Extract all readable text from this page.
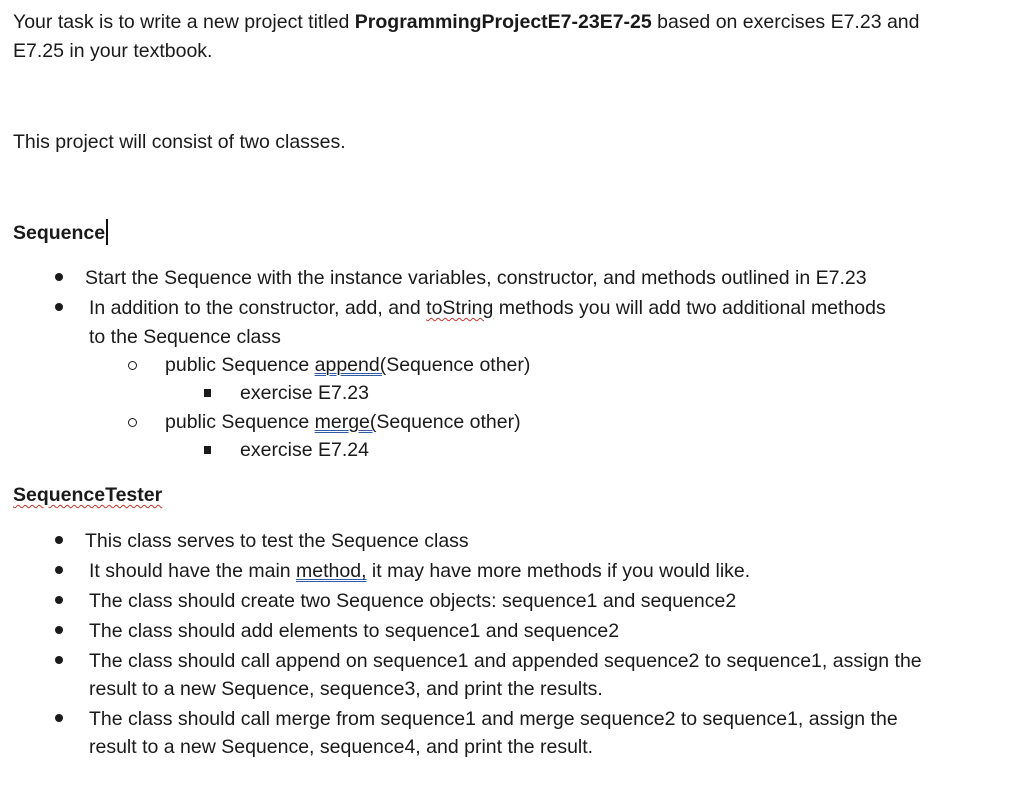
Your task is to write a new project titled ProgrammingProjectE7-23E7-25 based on exercises E7.23 and
E7.25 in your textbook.
This project will consist of two classes.
Sequence
Start the Sequence with the instance variables, constructor, and methods outlined in E7.23
In addition to the constructor, add, and toString methods you will add two additional methods
to the Sequence class
public Sequence append(Sequence other)
exercise E7.23
public Sequence merge(Sequence other)
exercise E7.24
SequenceTester
This class serves to test the Sequence class
It should have the main method, it may have more methods if you would like.
The class should create two Sequence objects: sequence1 and sequence2
The class should add elements to sequence1 and sequence2
The class should call append on sequence1 and appended sequence2 to sequence1, assign the
result to a new Sequence, sequence3, and print the results.
The class should call merge from sequence1 and merge sequence2 to sequence1, assign the
result to a new Sequence, sequence4, and print the result.
